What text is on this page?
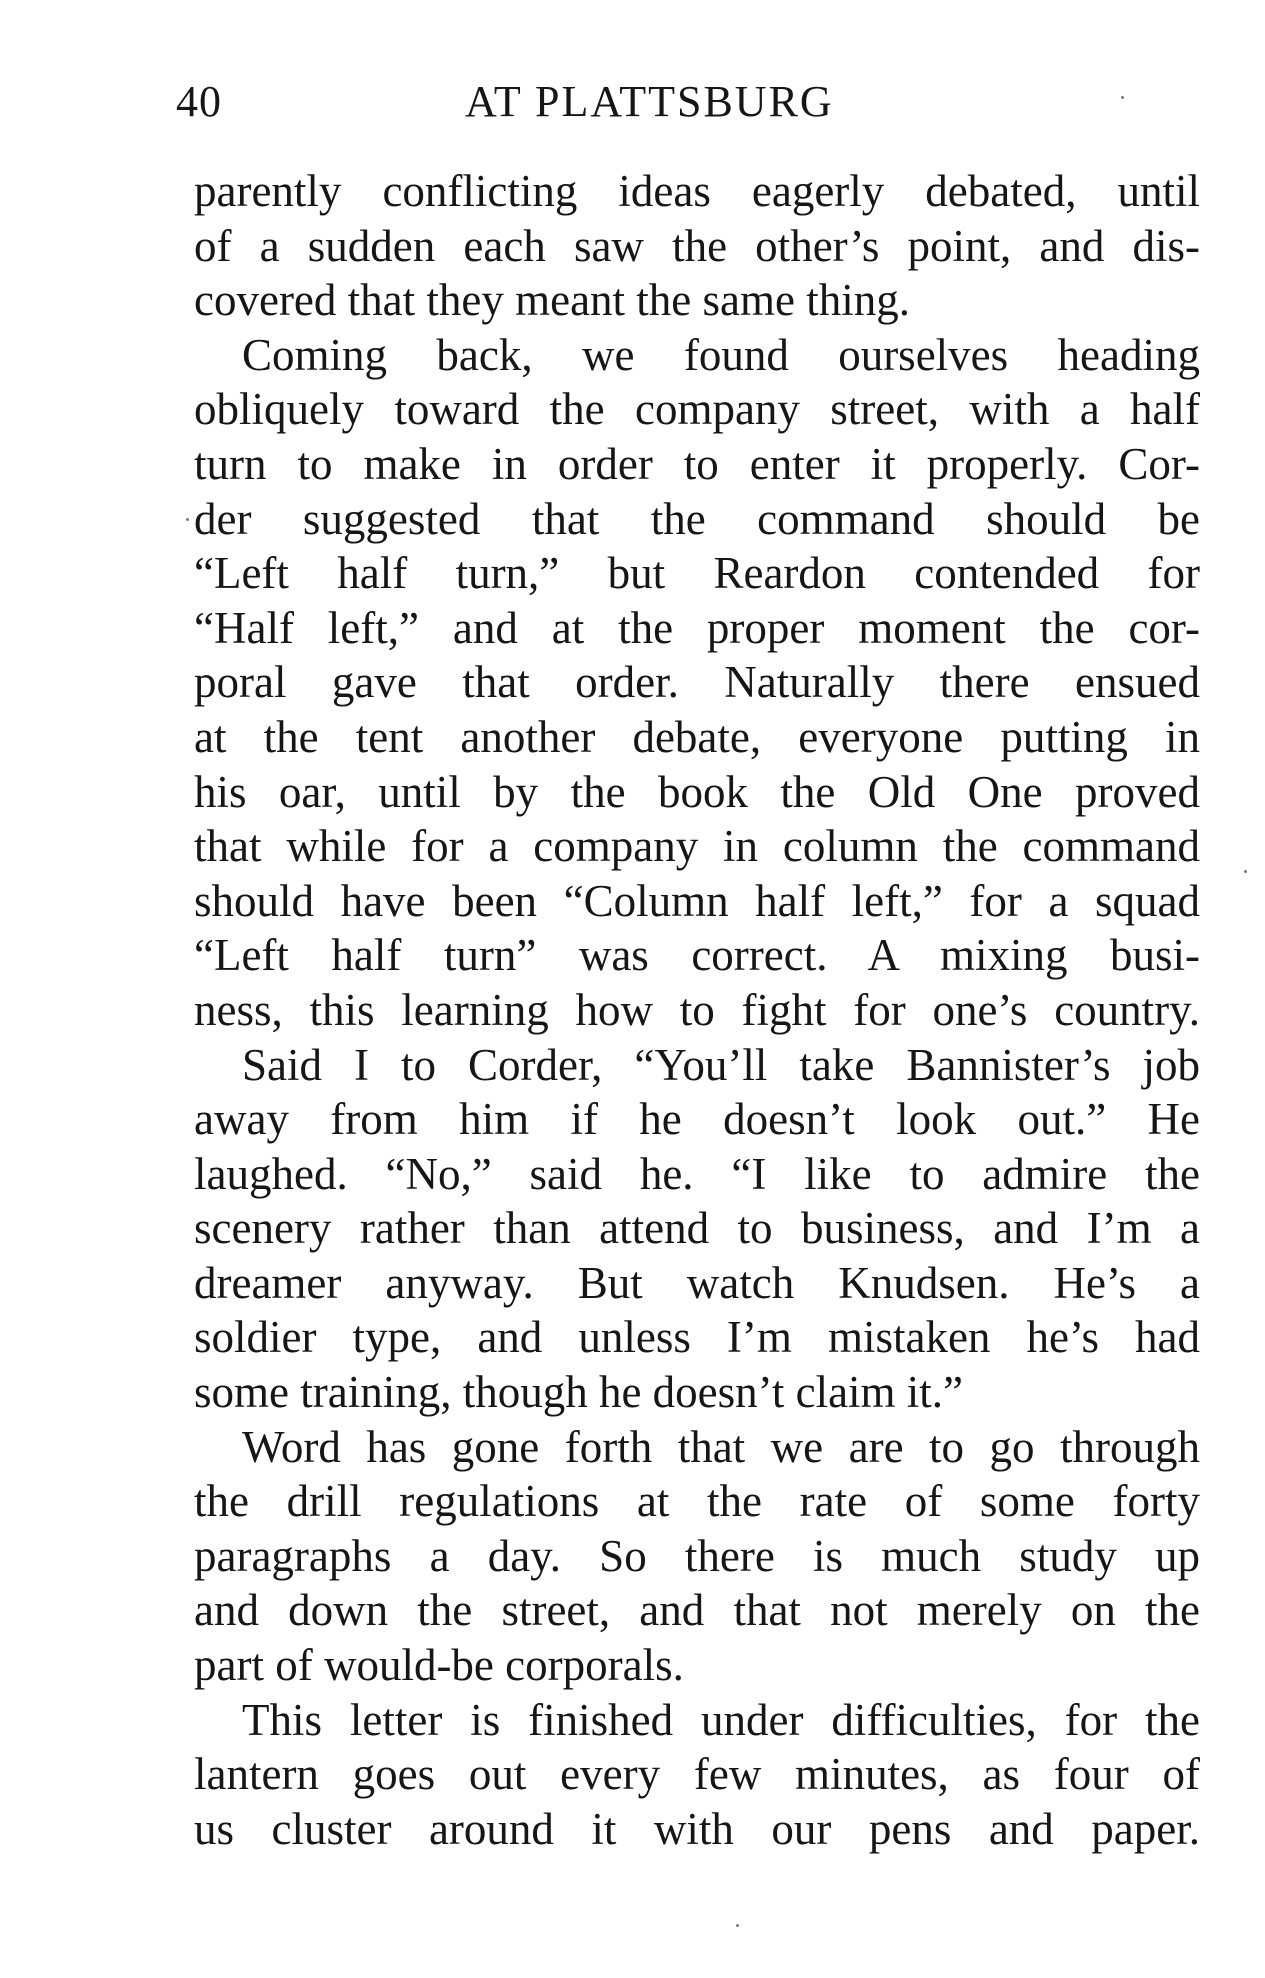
40	AT PLATTSBURG

parently conflicting ideas eagerly debated, until
of a sudden each saw the other’s point, and dis-
covered that they meant the same thing.

Coming back, we found ourselves heading
obliquely toward the company street, with a half
turn to make in order to enter it properly. Cor-
der suggested that the command should be
“Left half turn,” but Reardon contended for
“Half left,” and at the proper moment the cor-
poral gave that order. Naturally there ensued
at the tent another debate, everyone putting in
his oar, until by the book the Old One proved
that while for a company in column the command
should have been “Column half left,” for a squad
“Left half turn” was correct. A mixing busi-
ness, this learning how to fight for one’s country.

Said I to Corder, “You’ll take Bannister’s job
away from him if he doesn’t look out.” He
laughed. “No,” said he. “I like to admire the
scenery rather than attend to business, and I’m a
dreamer anyway. But watch Knudsen. He’s a
soldier type, and unless I’m mistaken he’s had
some training, though he doesn’t claim it.”

Word has gone forth that we are to go through
the drill regulations at the rate of some forty
paragraphs a day. So there is much study up
and down the street, and that not merely on the
part of would-be corporals.

This letter is finished under difficulties, for the
lantern goes out every few minutes, as four of
us cluster around it with our pens and paper.
